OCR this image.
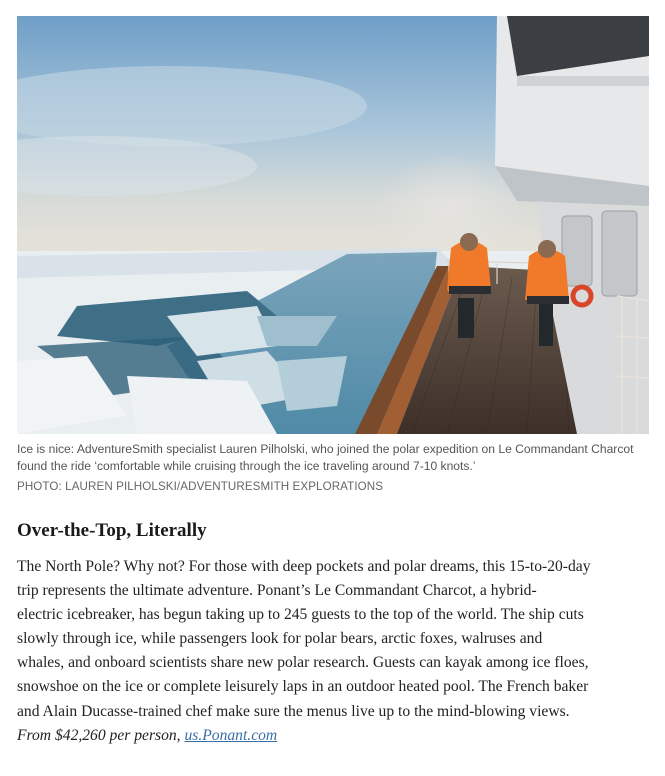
Ice is nice: AdventureSmith specialist Lauren Pilholski, who joined the polar expedition on Le Commandant Charcot
found the ride ‘comfortable while cruising through the ice traveling around 7-10 knots.’
PHOTO: LAUREN PILHOLSKI/ADVENTURESMITH EXPLORATIONS
Over-the-Top, Literally

The North Pole? Why not? For those with deep pockets and polar dreams, this 15-to-20-day
trip represents the ultimate adventure. Ponant’s Le Commandant Charcot, a hybrid-
electric icebreaker, has begun taking up to 245 guests to the top of the world. The ship cuts
slowly through ice, while passengers look for polar bears, arctic foxes, walruses and
whales, and onboard scientists share new polar research. Guests can kayak among ice floes,
snowshoe on the ice or complete leisurely laps in an outdoor heated pool. The French baker
and Alain Ducasse-trained chef make sure the menus live up to the mind-blowing views.
From $42,260 per person, us.Ponant.com
